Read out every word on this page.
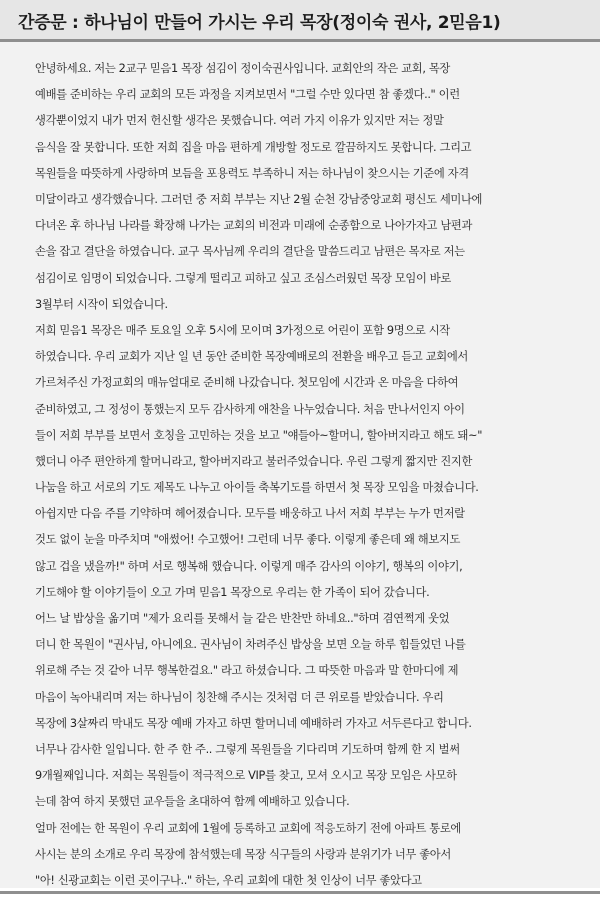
간증문 : 하나님이 만들어 가시는 우리 목장(정이숙 권사, 2믿음1)
안녕하세요. 저는 2교구 믿음1 목장 섬김이 정이숙권사입니다. 교회안의 작은 교회, 목장
예배를 준비하는 우리 교회의 모든 과정을 지켜보면서 "그럴 수만 있다면 참 좋겠다.." 이런
생각뿐이었지 내가 먼저 헌신할 생각은 못했습니다. 여러 가지 이유가 있지만 저는 정말
음식을 잘 못합니다. 또한 저희 집을 마음 편하게 개방할 정도로 깔끔하지도 못합니다. 그리고
목원들을 따뜻하게 사랑하며 보듬을 포용력도 부족하니 저는 하나님이 찾으시는 기준에 자격
미달이라고 생각했습니다. 그러던 중 저희 부부는 지난 2월 순천 강남중앙교회 평신도 세미나에
다녀온 후 하나님 나라를 확장해 나가는 교회의 비전과 미래에 순종함으로 나아가자고 남편과
손을 잡고 결단을 하였습니다. 교구 목사님께 우리의 결단을 말씀드리고 남편은 목자로 저는
섬김이로 임명이 되었습니다. 그렇게 떨리고 피하고 싶고 조심스러웠던 목장 모임이 바로
3월부터 시작이 되었습니다.
저희 믿음1 목장은 매주 토요일 오후 5시에 모이며 3가정으로 어린이 포함 9명으로 시작
하였습니다. 우리 교회가 지난 일 년 동안 준비한 목장예배로의 전환을 배우고 듣고 교회에서
가르쳐주신 가정교회의 매뉴얼대로 준비해 나갔습니다. 첫모임에 시간과 온 마음을 다하여
준비하였고, 그 정성이 통했는지 모두 감사하게 애찬을 나누었습니다. 처음 만나서인지 아이
들이 저희 부부를 보면서 호칭을 고민하는 것을 보고 "얘들아~할머니, 할아버지라고 해도 돼~"
했더니 아주 편안하게 할머니라고, 할아버지라고 불러주었습니다. 우린 그렇게 짧지만 진지한
나눔을 하고 서로의 기도 제목도 나누고 아이들 축복기도를 하면서 첫 목장 모임을 마쳤습니다.
아쉽지만 다음 주를 기약하며 헤어졌습니다. 모두를 배웅하고 나서 저희 부부는 누가 먼저랄
것도 없이 눈을 마주치며 "애썼어! 수고했어! 그런데 너무 좋다. 이렇게 좋은데 왜 해보지도
않고 겁을 냈을까!" 하며 서로 행복해 했습니다. 이렇게 매주 감사의 이야기, 행복의 이야기,
기도해야 할 이야기들이 오고 가며 믿음1 목장으로 우리는 한 가족이 되어 갔습니다.
어느 날 밥상을 옮기며 "제가 요리를 못해서 늘 같은 반찬만 하네요.."하며 겸연쩍게 웃었
더니 한 목원이 "권사님, 아니에요. 권사님이 차려주신 밥상을 보면 오늘 하루 힘들었던 나를
위로해 주는 것 같아 너무 행복한걸요." 라고 하셨습니다. 그 따뜻한 마음과 말 한마디에 제
마음이 녹아내리며 저는 하나님이 칭찬해 주시는 것처럼 더 큰 위로를 받았습니다. 우리
목장에 3살짜리 막내도 목장 예배 가자고 하면 할머니네 예배하러 가자고 서두른다고 합니다.
너무나 감사한 일입니다. 한 주 한 주.. 그렇게 목원들을 기다리며 기도하며 함께 한 지 벌써
9개월째입니다. 저희는 목원들이 적극적으로 VIP를 찾고, 모셔 오시고 목장 모임은 사모하
는데 참여 하지 못했던 교우들을 초대하여 함께 예배하고 있습니다.
얼마 전에는 한 목원이 우리 교회에 1월에 등록하고 교회에 적응도하기 전에 아파트 통로에
사시는 분의 소개로 우리 목장에 참석했는데 목장 식구들의 사랑과 분위기가 너무 좋아서
"아! 신광교회는 이런 곳이구나.." 하는, 우리 교회에 대한 첫 인상이 너무 좋았다고
